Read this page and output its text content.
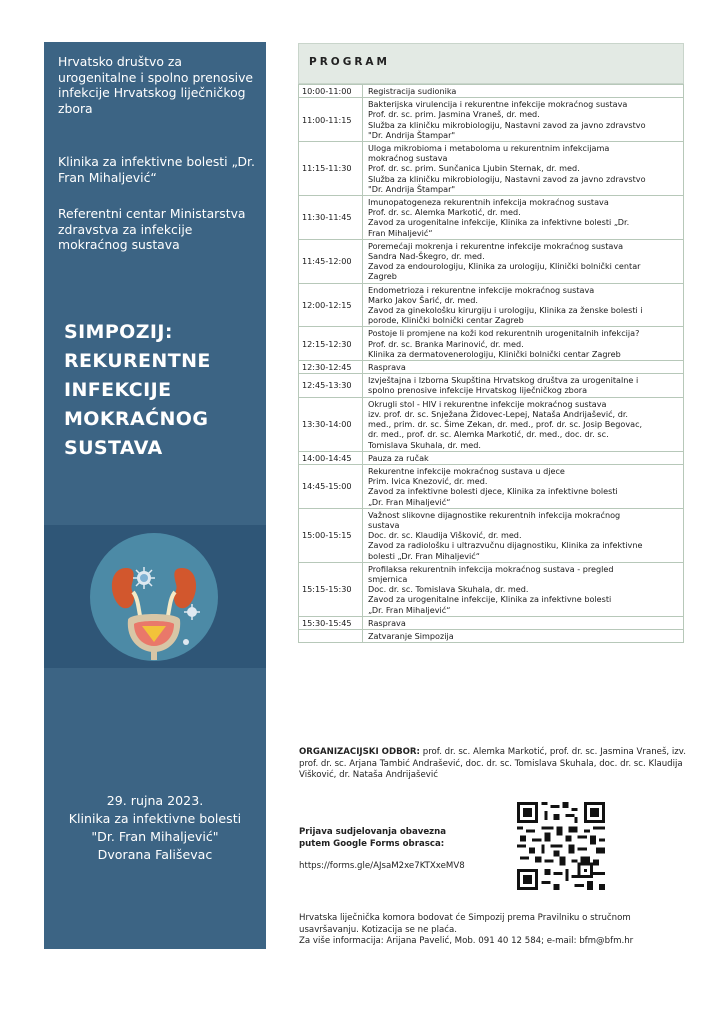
Hrvatsko društvo za urogenitalne i spolno prenosive infekcije Hrvatskog liječničkog zbora
Klinika za infektivne bolesti „Dr. Fran Mihaljević“
Referentni centar Ministarstva zdravstva za infekcije mokraćnog sustava
SIMPOZIJ:
REKURENTNE
INFEKCIJE
MOKRAĆNOG
SUSTAVA
29. rujna 2023.
Klinika za infektivne bolesti
"Dr. Fran Mihaljević"
Dvorana Fališevac
PROGRAM
10:00-11:00	Registracija sudionika

11:00-11:15	Bakterijska virulencija i rekurentne infekcije mokraćnog sustava
Prof. dr. sc. prim. Jasmina Vraneš, dr. med.
Služba za kliničku mikrobiologiju, Nastavni zavod za javno zdravstvo
"Dr. Andrija Štampar"

11:15-11:30	Uloga mikrobioma i metaboloma u rekurentnim infekcijama
mokraćnog sustava
Prof. dr. sc. prim. Sunčanica Ljubin Sternak, dr. med.
Služba za kliničku mikrobiologiju, Nastavni zavod za javno zdravstvo
"Dr. Andrija Štampar"

11:30-11:45	Imunopatogeneza rekurentnih infekcija mokraćnog sustava
Prof. dr. sc. Alemka Markotić, dr. med.
Zavod za urogenitalne infekcije, Klinika za infektivne bolesti „Dr.
Fran Mihaljević“

11:45-12:00	Poremećaji mokrenja i rekurentne infekcije mokraćnog sustava
Sandra Nad-Škegro, dr. med.
Zavod za endourologiju, Klinika za urologiju, Klinički bolnički centar
Zagreb

12:00-12:15	Endometrioza i rekurentne infekcije mokraćnog sustava
Marko Jakov Šarić, dr. med.
Zavod za ginekološku kirurgiju i urologiju, Klinika za ženske bolesti i
porode, Klinički bolnički centar Zagreb

12:15-12:30	Postoje li promjene na koži kod rekurentnih urogenitalnih infekcija?
Prof. dr. sc. Branka Marinović, dr. med.
Klinika za dermatovenerologiju, Klinički bolnički centar Zagreb

12:30-12:45	Rasprava

12:45-13:30	Izvještajna i Izborna Skupština Hrvatskog društva za urogenitalne i
spolno prenosive infekcije Hrvatskog liječničkog zbora

13:30-14:00	Okrugli stol - HIV i rekurentne infekcije mokraćnog sustava
izv. prof. dr. sc. Snježana Židovec-Lepej, Nataša Andrijašević, dr.
med., prim. dr. sc. Šime Zekan, dr. med., prof. dr. sc. Josip Begovac,
dr. med., prof. dr. sc. Alemka Markotić, dr. med., doc. dr. sc.
Tomislava Skuhala, dr. med.

14:00-14:45	Pauza za ručak

14:45-15:00	Rekurentne infekcije mokraćnog sustava u djece
Prim. Ivica Knezović, dr. med.
Zavod za infektivne bolesti djece, Klinika za infektivne bolesti
„Dr. Fran Mihaljević“

15:00-15:15	Važnost slikovne dijagnostike rekurentnih infekcija mokraćnog
sustava
Doc. dr. sc. Klaudija Višković, dr. med.
Zavod za radiološku i ultrazvučnu dijagnostiku, Klinika za infektivne
bolesti „Dr. Fran Mihaljević“

15:15-15:30	Profilaksa rekurentnih infekcija mokraćnog sustava - pregled
smjernica
Doc. dr. sc. Tomislava Skuhala, dr. med.
Zavod za urogenitalne infekcije, Klinika za infektivne bolesti
„Dr. Fran Mihaljević“

15:30-15:45	Rasprava

	Zatvaranje Simpozija
ORGANIZACIJSKI ODBOR: prof. dr. sc. Alemka Markotić, prof. dr. sc. Jasmina Vraneš, izv. prof. dr. sc. Arjana Tambić Andrašević, doc. dr. sc. Tomislava Skuhala, doc. dr. sc. Klaudija Višković, dr. Nataša Andrijašević
Prijava sudjelovanja obavezna
putem Google Forms obrasca:
https://forms.gle/AJsaM2xe7KTXxeMV8
Hrvatska liječnička komora bodovat će Simpozij prema Pravilniku o stručnom
usavršavanju. Kotizacija se ne plaća.
Za više informacija: Arijana Pavelić, Mob. 091 40 12 584; e-mail: bfm@bfm.hr
